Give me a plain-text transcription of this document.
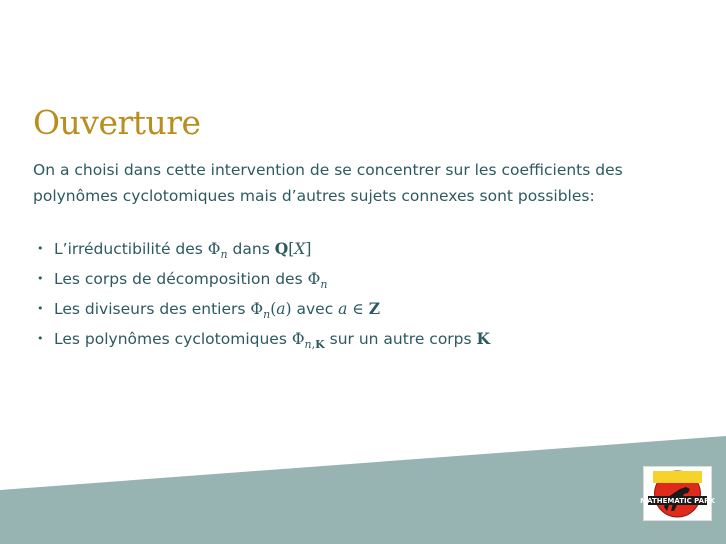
Ouverture
On a choisi dans cette intervention de se concentrer sur les coefficients des polynômes cyclotomiques mais d’autres sujets connexes sont possibles:
• L’irréductibilité des $\Phi_n$ dans Q[X]
• Les corps de décomposition des $\Phi_n$
• Les diviseurs des entiers $\Phi_n(a)$ avec a ∈ Z
• Les polynômes cyclotomiques $\Phi_{n,K}$ sur un autre corps K
MATHEMATIC PARK
